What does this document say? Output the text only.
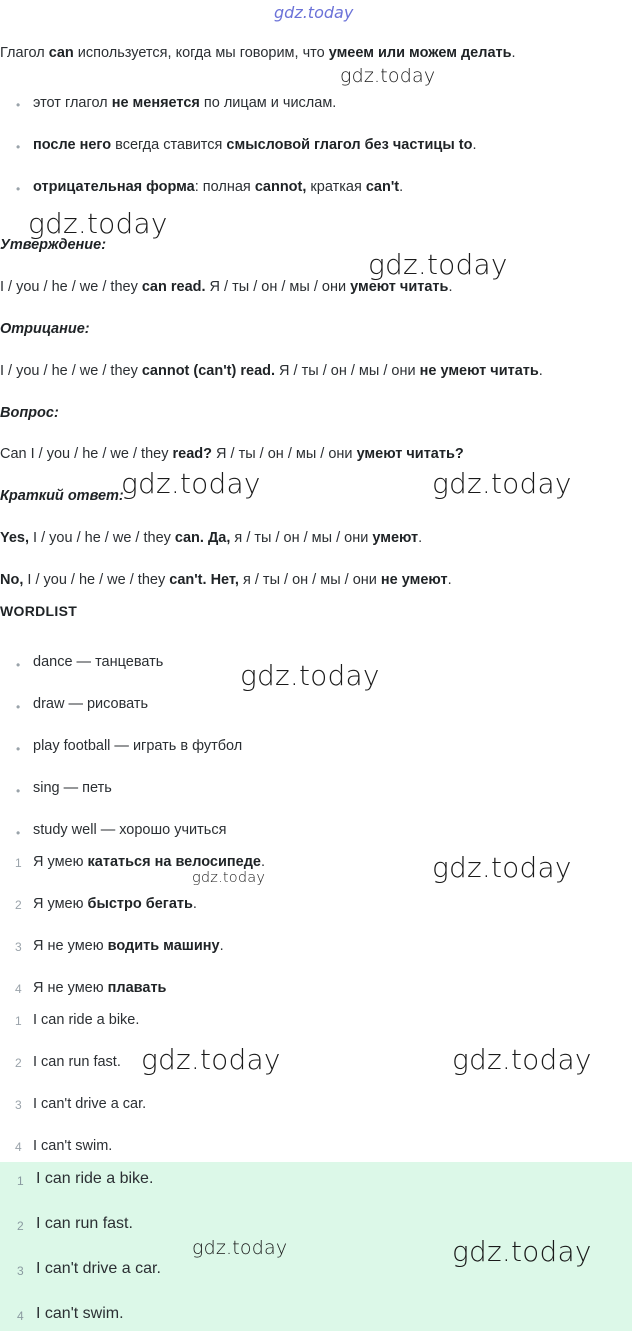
gdz.today
Глагол can используется, когда мы говорим, что умеем или можем делать.
• этот глагол не меняется по лицам и числам.
• после него всегда ставится смысловой глагол без частицы to.
• отрицательная форма: полная cannot, краткая can't.
Утверждение:
I / you / he / we / they can read. Я / ты / он / мы / они умеют читать.
Отрицание:
I / you / he / we / they cannot (can't) read. Я / ты / он / мы / они не умеют читать.
Вопрос:
Can I / you / he / we / they read? Я / ты / он / мы / они умеют читать?
Краткий ответ:
Yes, I / you / he / we / they can. Да, я / ты / он / мы / они умеют.
No, I / you / he / we / they can't. Нет, я / ты / он / мы / они не умеют.
WORDLIST
• dance — танцевать
• draw — рисовать
• play football — играть в футбол
• sing — петь
• study well — хорошо учиться
1 Я умею кататься на велосипеде.
2 Я умею быстро бегать.
3 Я не умею водить машину.
4 Я не умею плавать
1 I can ride a bike.
2 I can run fast.
3 I can't drive a car.
4 I can't swim.
1 I can ride a bike.
2 I can run fast.
3 I can't drive a car.
4 I can't swim.
gdz.today
gdz.today
gdz.today
gdz.today	gdz.today
gdz.today
gdz.today
gdz.today
gdz.today	gdz.today
gdz.today	gdz.today
